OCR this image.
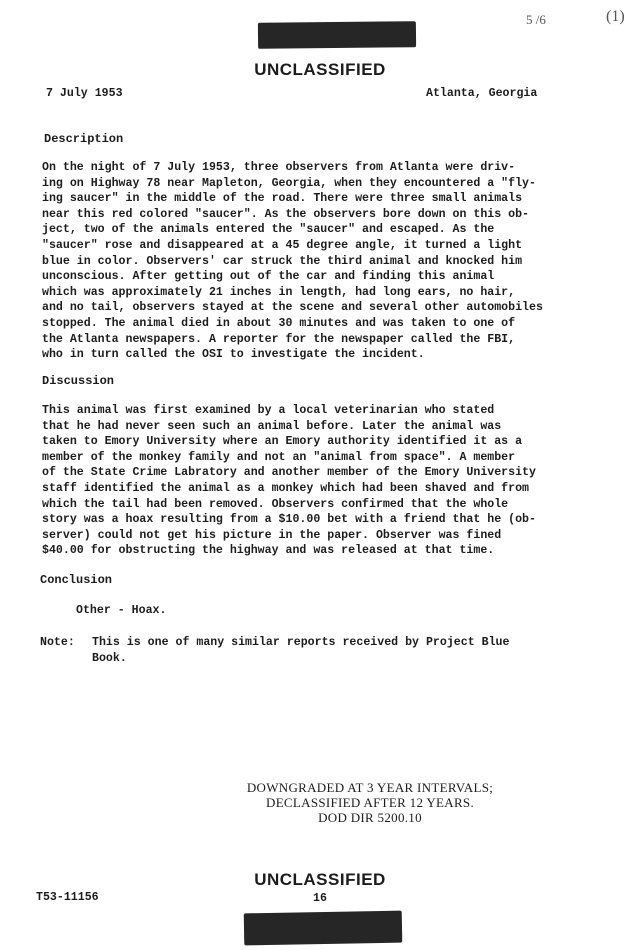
5 /6	(1)
UNCLASSIFIED
7 July 1953	Atlanta, Georgia
Description
On the night of 7 July 1953, three observers from Atlanta were driv-
ing on Highway 78 near Mapleton, Georgia, when they encountered a "fly-
ing saucer" in the middle of the road. There were three small animals
near this red colored "saucer". As the observers bore down on this ob-
ject, two of the animals entered the "saucer" and escaped. As the
"saucer" rose and disappeared at a 45 degree angle, it turned a light
blue in color. Observers' car struck the third animal and knocked him
unconscious. After getting out of the car and finding this animal
which was approximately 21 inches in length, had long ears, no hair,
and no tail, observers stayed at the scene and several other automobiles
stopped. The animal died in about 30 minutes and was taken to one of
the Atlanta newspapers. A reporter for the newspaper called the FBI,
who in turn called the OSI to investigate the incident.
Discussion
This animal was first examined by a local veterinarian who stated
that he had never seen such an animal before. Later the animal was
taken to Emory University where an Emory authority identified it as a
member of the monkey family and not an "animal from space". A member
of the State Crime Labratory and another member of the Emory University
staff identified the animal as a monkey which had been shaved and from
which the tail had been removed. Observers confirmed that the whole
story was a hoax resulting from a $10.00 bet with a friend that he (ob-
server) could not get his picture in the paper. Observer was fined
$40.00 for obstructing the highway and was released at that time.
Conclusion
Other - Hoax.
Note: This is one of many similar reports received by Project Blue
Book.
DOWNGRADED AT 3 YEAR INTERVALS;
DECLASSIFIED AFTER 12 YEARS.
DOD DIR 5200.10
UNCLASSIFIED
16
T53-11156
